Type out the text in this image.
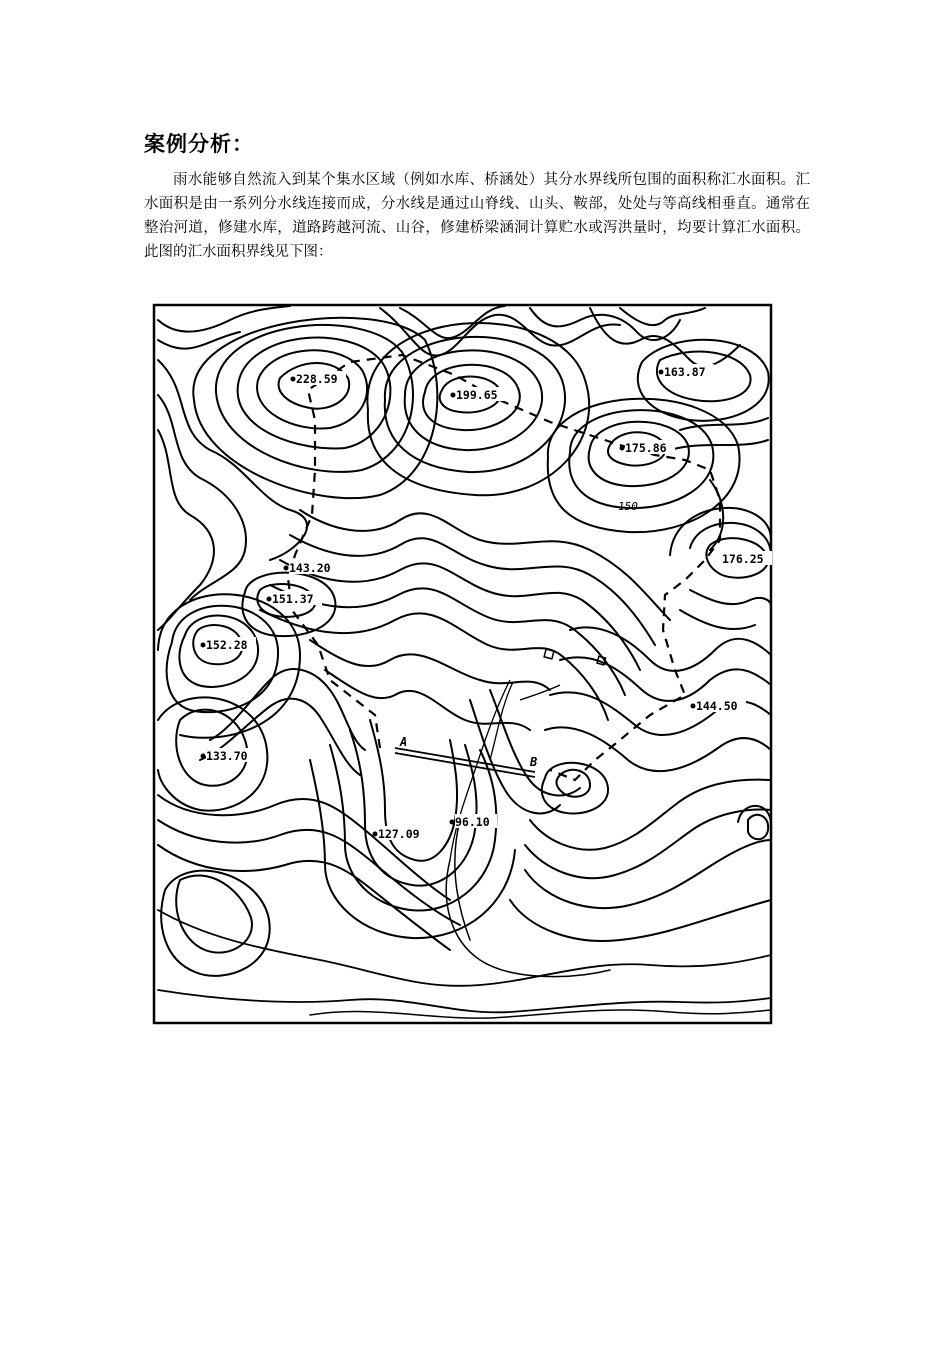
案例分析：

雨水能够自然流入到某个集水区域（例如水库、桥涵处）其分水界线所包围的面积称汇水面积。汇水面积是由一系列分水线连接而成，分水线是通过山脊线、山头、鞍部，处处与等高线相垂直。通常在整治河道，修建水库，道路跨越河流、山谷，修建桥梁涵洞计算贮水或泻洪量时，均要计算汇水面积。此图的汇水面积界线见下图：

150
228.59
199.65
163.87
175.86
176.25
143.20
151.37
152.28
144.50
133.70
127.09
96.10
A
B
